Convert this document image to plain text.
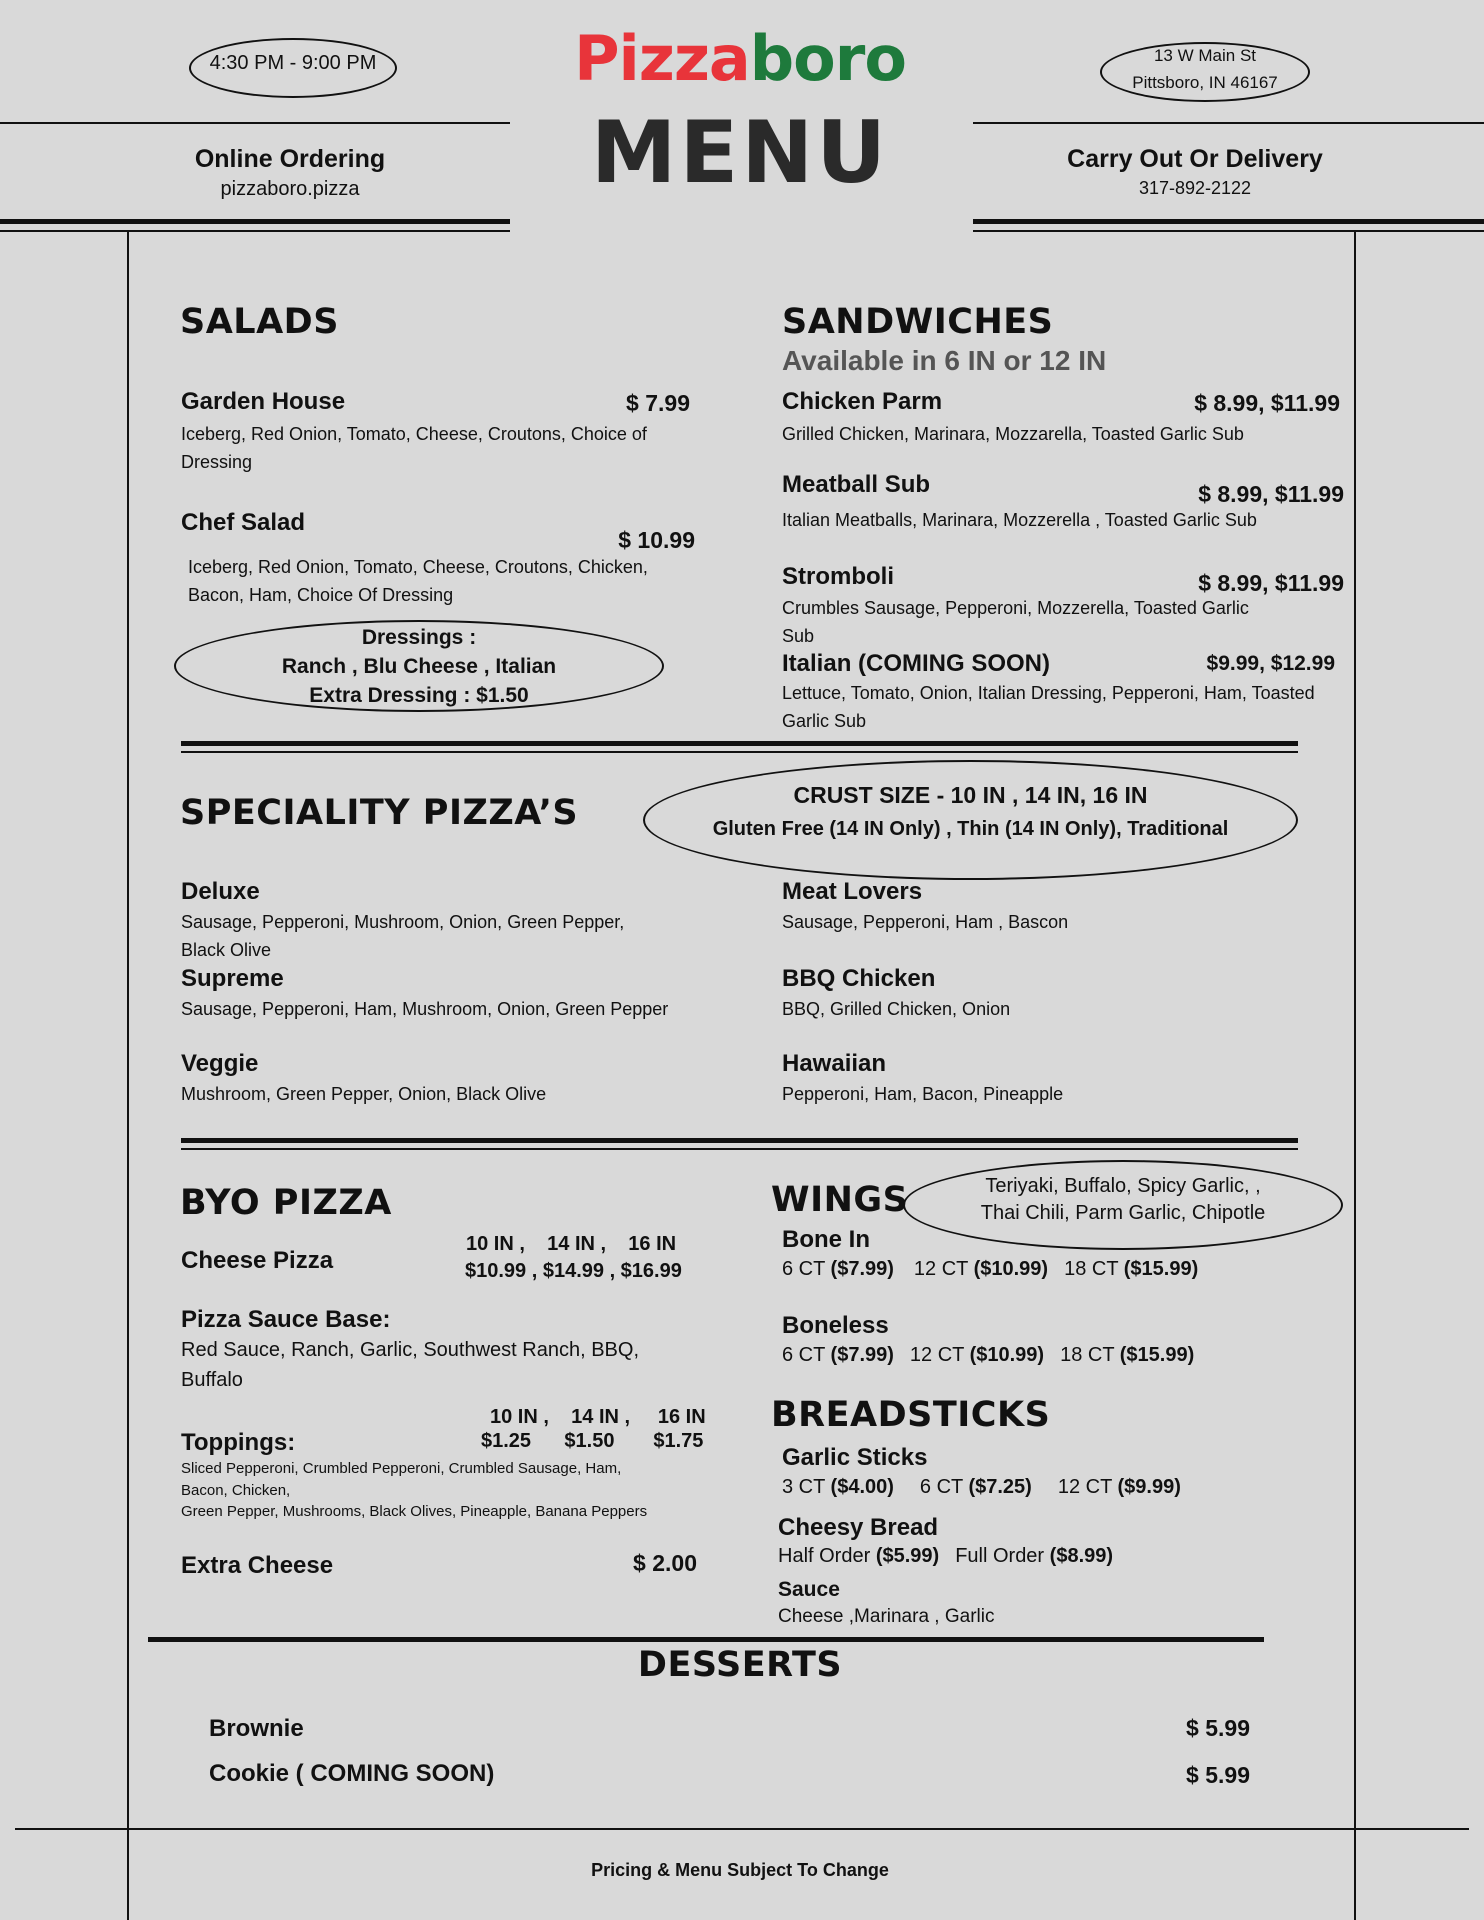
4:30 PM - 9:00 PM	Pizzaboro
MENU
13 W Main St
Pittsboro, IN 46167
Online Ordering
pizzaboro.pizza
Carry Out Or Delivery
317-892-2122
SALADS
Garden House	$ 7.99
Iceberg, Red Onion, Tomato, Cheese, Croutons, Choice of Dressing
Chef Salad
$ 10.99
Iceberg, Red Onion, Tomato, Cheese, Croutons, Chicken, Bacon, Ham, Choice Of Dressing
Dressings :
Ranch , Blu Cheese , Italian
Extra Dressing : $1.50
SANDWICHES
Available in 6 IN or 12 IN
Chicken Parm	$ 8.99, $11.99
Grilled Chicken, Marinara, Mozzarella, Toasted Garlic Sub
Meatball Sub	$ 8.99, $11.99
Italian Meatballs, Marinara, Mozzerella , Toasted Garlic Sub
Stromboli	$ 8.99, $11.99
Crumbles Sausage, Pepperoni, Mozzerella, Toasted Garlic Sub
Italian (COMING SOON)	$9.99, $12.99
Lettuce, Tomato, Onion, Italian Dressing, Pepperoni, Ham, Toasted Garlic Sub
SPECIALITY PIZZA’S	CRUST SIZE - 10 IN , 14 IN, 16 IN
Gluten Free (14 IN Only) , Thin (14 IN Only), Traditional
Deluxe
Sausage, Pepperoni, Mushroom, Onion, Green Pepper, Black Olive
Meat Lovers
Sausage, Pepperoni, Ham , Bascon
Supreme
Sausage, Pepperoni, Ham, Mushroom, Onion, Green Pepper
BBQ Chicken
BBQ, Grilled Chicken, Onion
Veggie
Mushroom, Green Pepper, Onion, Black Olive
Hawaiian
Pepperoni, Ham, Bacon, Pineapple
BYO PIZZA
Cheese Pizza
10 IN ,    14 IN ,    16 IN
$10.99 , $14.99 , $16.99
Pizza Sauce Base:
Red Sauce, Ranch, Garlic, Southwest Ranch, BBQ, Buffalo
10 IN ,    14 IN ,     16 IN
Toppings:	$1.25      $1.50       $1.75
Sliced Pepperoni, Crumbled Pepperoni, Crumbled Sausage, Ham, Bacon, Chicken,
Green Pepper, Mushrooms, Black Olives, Pineapple, Banana Peppers
Extra Cheese	$ 2.00
WINGS	Teriyaki, Buffalo, Spicy Garlic, ,
Thai Chili, Parm Garlic, Chipotle
Bone In
6 CT ($7.99) 12 CT ($10.99) 18 CT ($15.99)
Boneless
6 CT ($7.99) 12 CT ($10.99) 18 CT ($15.99)
BREADSTICKS
Garlic Sticks
3 CT ($4.00) 6 CT ($7.25) 12 CT ($9.99)
Cheesy Bread
Half Order ($5.99) Full Order ($8.99)
Sauce
Cheese ,Marinara , Garlic
DESSERTS
Brownie	$ 5.99
Cookie ( COMING SOON)	$ 5.99
Pricing & Menu Subject To Change
